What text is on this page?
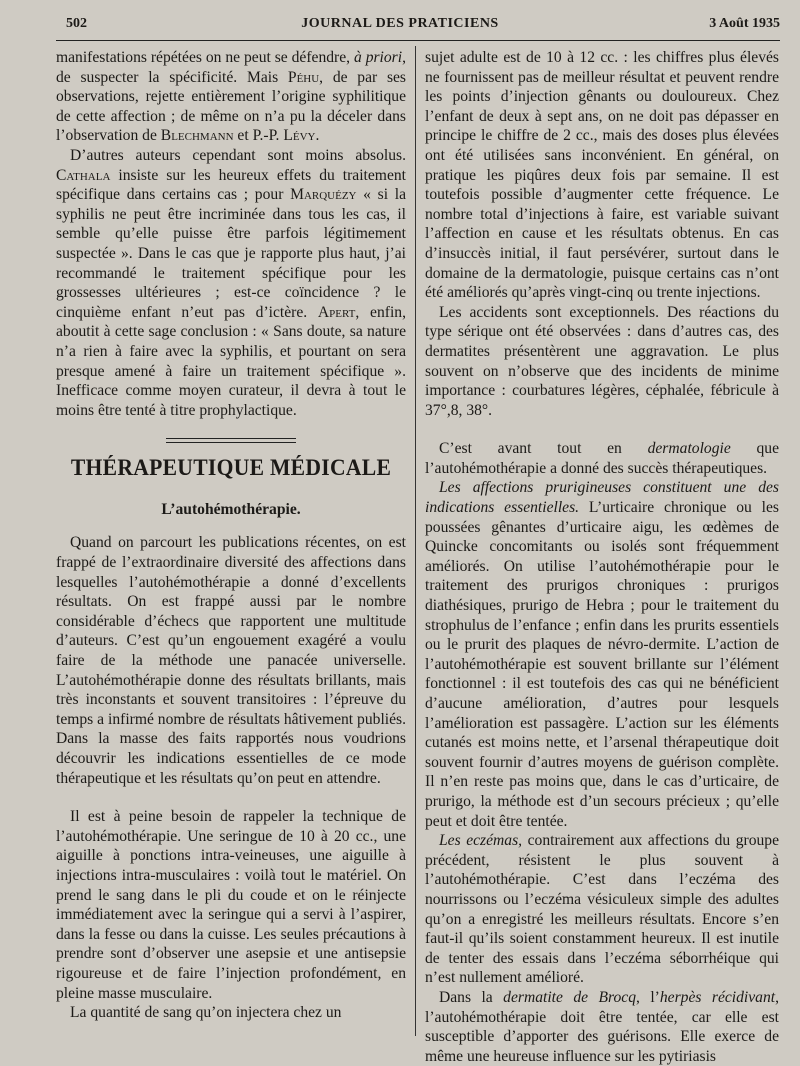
502	JOURNAL DES PRATICIENS	3 Août 1935

manifestations répétées on ne peut se défendre, à priori, de suspecter la spécificité. Mais Péhu, de par ses observations, rejette entièrement l’origine syphilitique de cette affection ; de même on n’a pu la déceler dans l’observation de Blechmann et P.-P. Lévy.

D’autres auteurs cependant sont moins absolus. Cathala insiste sur les heureux effets du traitement spécifique dans certains cas ; pour Marquézy « si la syphilis ne peut être incriminée dans tous les cas, il semble qu’elle puisse être parfois légitimement suspectée ». Dans le cas que je rapporte plus haut, j’ai recommandé le traitement spécifique pour les grossesses ultérieures ; est-ce coïncidence ? le cinquième enfant n’eut pas d’ictère. Apert, enfin, aboutit à cette sage conclusion : « Sans doute, sa nature n’a rien à faire avec la syphilis, et pourtant on sera presque amené à faire un traitement spécifique ». Inefficace comme moyen curateur, il devra à tout le moins être tenté à titre prophylactique.

THÉRAPEUTIQUE MÉDICALE
L’autohémothérapie.

Quand on parcourt les publications récentes, on est frappé de l’extraordinaire diversité des affections dans lesquelles l’autohémothérapie a donné d’excellents résultats. On est frappé aussi par le nombre considérable d’échecs que rapportent une multitude d’auteurs. C’est qu’un engouement exagéré a voulu faire de la méthode une panacée universelle. L’autohémothérapie donne des résultats brillants, mais très inconstants et souvent transitoires : l’épreuve du temps a infirmé nombre de résultats hâtivement publiés. Dans la masse des faits rapportés nous voudrions découvrir les indications essentielles de ce mode thérapeutique et les résultats qu’on peut en attendre.

Il est à peine besoin de rappeler la technique de l’autohémothérapie. Une seringue de 10 à 20 cc., une aiguille à ponctions intra-veineuses, une aiguille à injections intra-musculaires : voilà tout le matériel. On prend le sang dans le pli du coude et on le réinjecte immédiatement avec la seringue qui a servi à l’aspirer, dans la fesse ou dans la cuisse. Les seules précautions à prendre sont d’observer une asepsie et une antisepsie rigoureuse et de faire l’injection profondément, en pleine masse musculaire.

La quantité de sang qu’on injectera chez un

sujet adulte est de 10 à 12 cc. : les chiffres plus élevés ne fournissent pas de meilleur résultat et peuvent rendre les points d’injection gênants ou douloureux. Chez l’enfant de deux à sept ans, on ne doit pas dépasser en principe le chiffre de 2 cc., mais des doses plus élevées ont été utilisées sans inconvénient. En général, on pratique les piqûres deux fois par semaine. Il est toutefois possible d’augmenter cette fréquence. Le nombre total d’injections à faire, est variable suivant l’affection en cause et les résultats obtenus. En cas d’insuccès initial, il faut persévérer, surtout dans le domaine de la dermatologie, puisque certains cas n’ont été améliorés qu’après vingt-cinq ou trente injections.

Les accidents sont exceptionnels. Des réactions du type sérique ont été observées : dans d’autres cas, des dermatites présentèrent une aggravation. Le plus souvent on n’observe que des incidents de minime importance : courbatures légères, céphalée, fébricule à 37°,8, 38°.

C’est avant tout en dermatologie que l’autohémothérapie a donné des succès thérapeutiques.

Les affections prurigineuses constituent une des indications essentielles. L’urticaire chronique ou les poussées gênantes d’urticaire aigu, les œdèmes de Quincke concomitants ou isolés sont fréquemment améliorés. On utilise l’autohémothérapie pour le traitement des prurigos chroniques : prurigos diathésiques, prurigo de Hebra ; pour le traitement du strophulus de l’enfance ; enfin dans les prurits essentiels ou le prurit des plaques de névro-dermite. L’action de l’autohémothérapie est souvent brillante sur l’élément fonctionnel : il est toutefois des cas qui ne bénéficient d’aucune amélioration, d’autres pour lesquels l’amélioration est passagère. L’action sur les éléments cutanés est moins nette, et l’arsenal thérapeutique doit souvent fournir d’autres moyens de guérison complète. Il n’en reste pas moins que, dans le cas d’urticaire, de prurigo, la méthode est d’un secours précieux ; qu’elle peut et doit être tentée.

Les eczémas, contrairement aux affections du groupe précédent, résistent le plus souvent à l’autohémothérapie. C’est dans l’eczéma des nourrissons ou l’eczéma vésiculeux simple des adultes qu’on a enregistré les meilleurs résultats. Encore s’en faut-il qu’ils soient constamment heureux. Il est inutile de tenter des essais dans l’eczéma séborrhéique qui n’est nullement amélioré.

Dans la dermatite de Brocq, l’herpès récidivant, l’autohémothérapie doit être tentée, car elle est susceptible d’apporter des guérisons. Elle exerce de même une heureuse influence sur les pytiriasis
